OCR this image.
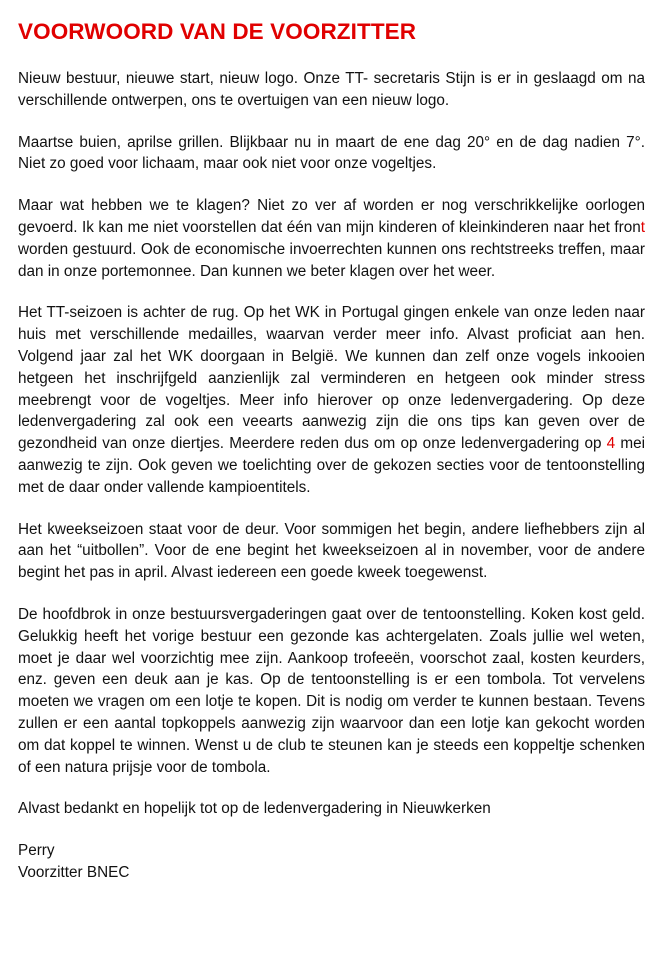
VOORWOORD VAN DE VOORZITTER

Nieuw bestuur, nieuwe start, nieuw logo. Onze TT- secretaris Stijn is er in geslaagd om na verschillende ontwerpen, ons te overtuigen van een nieuw logo.

Maartse buien, aprilse grillen. Blijkbaar nu in maart de ene dag 20° en de dag nadien 7°. Niet zo goed voor lichaam, maar ook niet voor onze vogeltjes.

Maar wat hebben we te klagen? Niet zo ver af worden er nog verschrikkelijke oorlogen gevoerd. Ik kan me niet voorstellen dat één van mijn kinderen of kleinkinderen naar het front worden gestuurd. Ook de economische invoerrechten kunnen ons rechtstreeks treffen, maar dan in onze portemonnee. Dan kunnen we beter klagen over het weer.

Het TT-seizoen is achter de rug. Op het WK in Portugal gingen enkele van onze leden naar huis met verschillende medailles, waarvan verder meer info. Alvast proficiat aan hen. Volgend jaar zal het WK doorgaan in België. We kunnen dan zelf onze vogels inkooien hetgeen het inschrijfgeld aanzienlijk zal verminderen en hetgeen ook minder stress meebrengt voor de vogeltjes. Meer info hierover op onze ledenvergadering. Op deze ledenvergadering zal ook een veearts aanwezig zijn die ons tips kan geven over de gezondheid van onze diertjes. Meerdere reden dus om op onze ledenvergadering op 4 mei aanwezig te zijn. Ook geven we toelichting over de gekozen secties voor de tentoonstelling met de daar onder vallende kampioentitels.

Het kweekseizoen staat voor de deur. Voor sommigen het begin, andere liefhebbers zijn al aan het “uitbollen”. Voor de ene begint het kweekseizoen al in november, voor de andere begint het pas in april. Alvast iedereen een goede kweek toegewenst.

De hoofdbrok in onze bestuursvergaderingen gaat over de tentoonstelling. Koken kost geld. Gelukkig heeft het vorige bestuur een gezonde kas achtergelaten. Zoals jullie wel weten, moet je daar wel voorzichtig mee zijn. Aankoop trofeeën, voorschot zaal, kosten keurders, enz. geven een deuk aan je kas. Op de tentoonstelling is er een tombola. Tot vervelens moeten we vragen om een lotje te kopen. Dit is nodig om verder te kunnen bestaan. Tevens zullen er een aantal topkoppels aanwezig zijn waarvoor dan een lotje kan gekocht worden om dat koppel te winnen. Wenst u de club te steunen kan je steeds een koppeltje schenken of een natura prijsje voor de tombola.

Alvast bedankt en hopelijk tot op de ledenvergadering in Nieuwkerken

Perry
Voorzitter BNEC
